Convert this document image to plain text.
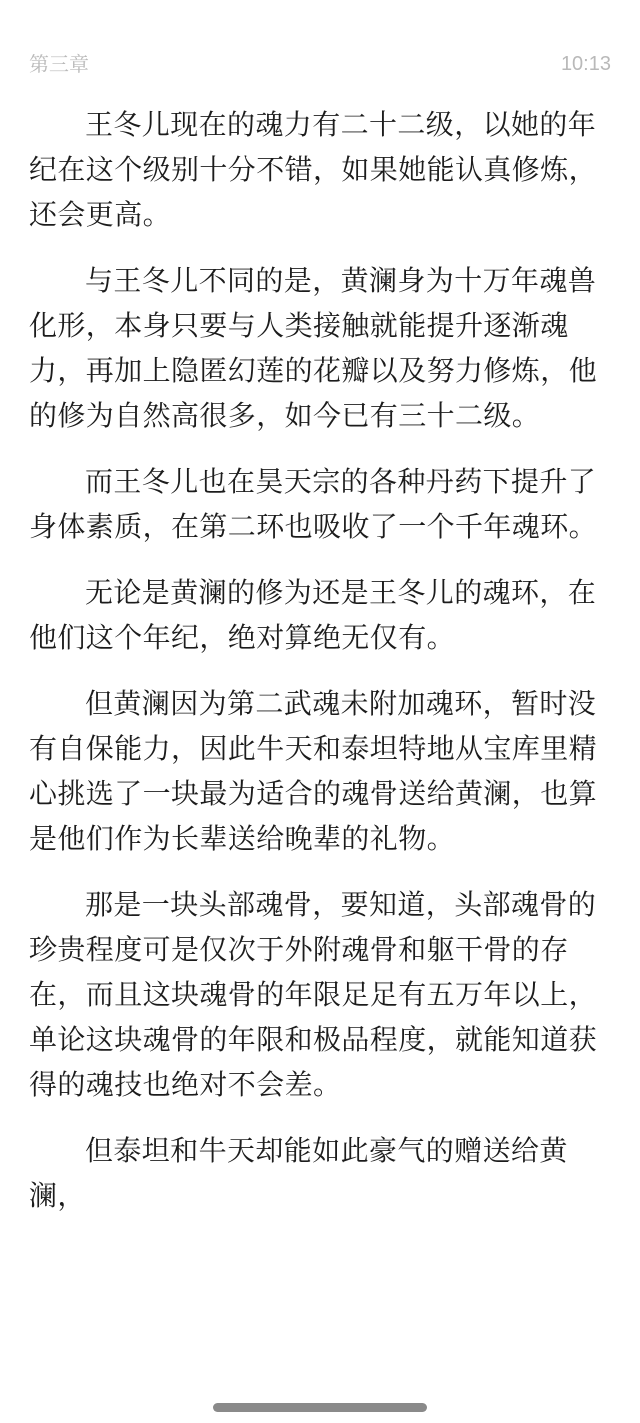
第三章	10:13

王冬儿现在的魂力有二十二级，以她的年纪在这个级别十分不错，如果她能认真修炼，还会更高。

与王冬儿不同的是，黄澜身为十万年魂兽化形，本身只要与人类接触就能提升逐渐魂力，再加上隐匿幻莲的花瓣以及努力修炼，他的修为自然高很多，如今已有三十二级。

而王冬儿也在昊天宗的各种丹药下提升了身体素质，在第二环也吸收了一个千年魂环。

无论是黄澜的修为还是王冬儿的魂环，在他们这个年纪，绝对算绝无仅有。

但黄澜因为第二武魂未附加魂环，暂时没有自保能力，因此牛天和泰坦特地从宝库里精心挑选了一块最为适合的魂骨送给黄澜，也算是他们作为长辈送给晚辈的礼物。

那是一块头部魂骨，要知道，头部魂骨的珍贵程度可是仅次于外附魂骨和躯干骨的存在，而且这块魂骨的年限足足有五万年以上，单论这块魂骨的年限和极品程度，就能知道获得的魂技也绝对不会差。

但泰坦和牛天却能如此豪气的赠送给黄澜，
